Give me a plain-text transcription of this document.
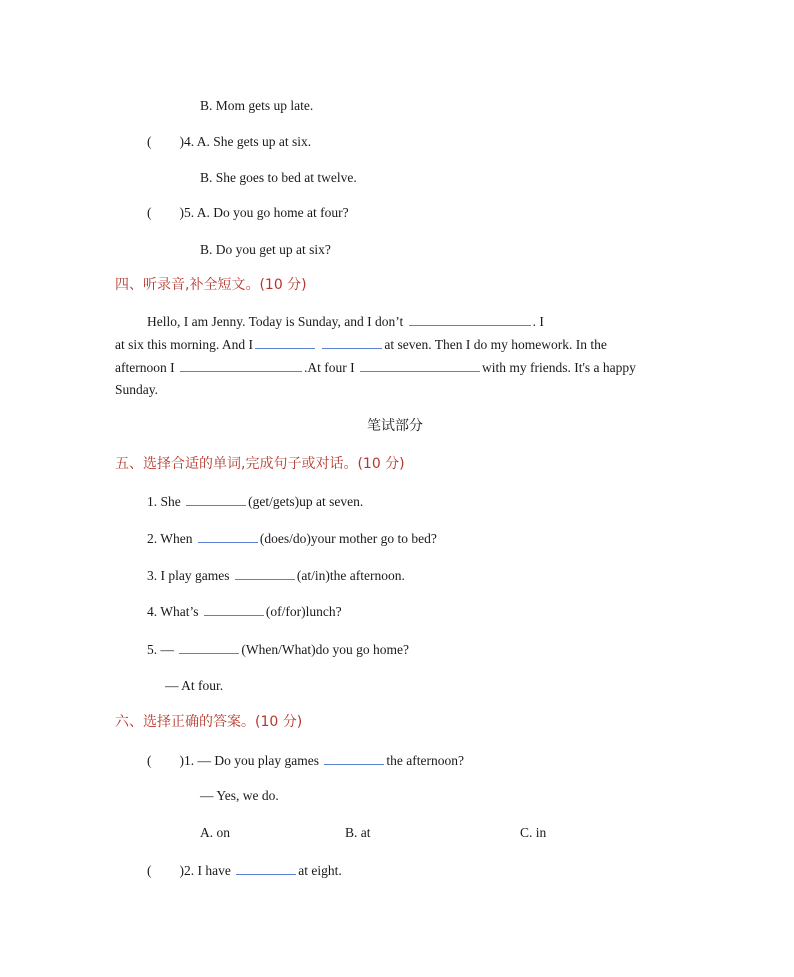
B. Mom gets up late.
( )4. A. She gets up at six.
B. She goes to bed at twelve.
( )5. A. Do you go home at four?
B. Do you get up at six?
四、听录音,补全短文。(10 分)
Hello, I am Jenny. Today is Sunday, and I don’t	. I
at six this morning. And I	at seven. Then I do my homework. In the
afternoon I	.At four I	with my friends. It's a happy
Sunday.
笔试部分
五、选择合适的单词,完成句子或对话。(10 分)
1. She	(get/gets)up at seven.
2. When	(does/do)your mother go to bed?
3. I play games	(at/in)the afternoon.
4. What’s	(of/for)lunch?
5. —	(When/What)do you go home?
— At four.
六、选择正确的答案。(10 分)
( )1. — Do you play games	the afternoon?
— Yes, we do.
A. on	B. at	C. in
( )2. I have	at eight.
